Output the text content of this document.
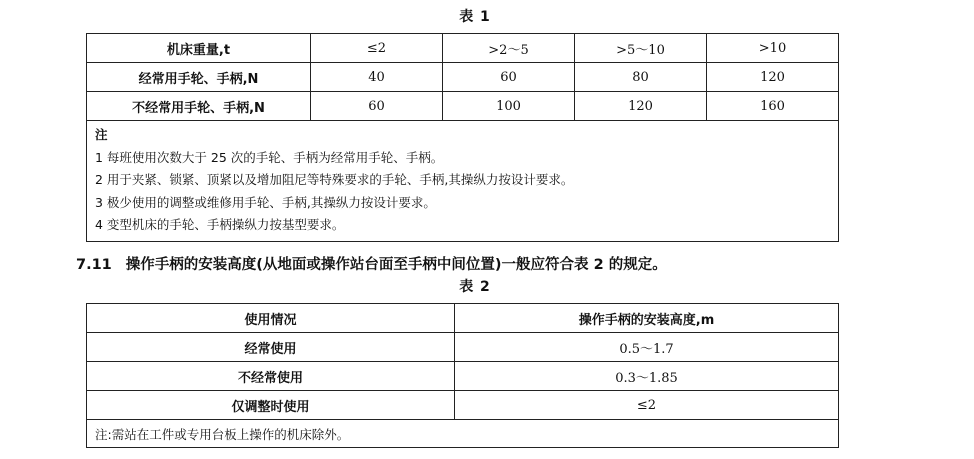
表 1
机床重量,t	≤2	>2～5	>5～10	>10
经常用手轮、手柄,N	40	60	80	120
不经常用手轮、手柄,N	60	100	120	160

注
1 每班使用次数大于 25 次的手轮、手柄为经常用手轮、手柄。
2 用于夹紧、锁紧、顶紧以及增加阻尼等特殊要求的手轮、手柄,其操纵力按设计要求。
3 极少使用的调整或维修用手轮、手柄,其操纵力按设计要求。
4 变型机床的手轮、手柄操纵力按基型要求。				
7.11 操作手柄的安装高度(从地面或操作站台面至手柄中间位置)一般应符合表 2 的规定。
表 2
使用情况	操作手柄的安装高度,m
经常使用	0.5～1.7
不经常使用	0.3～1.85
仅调整时使用	≤2
注:需站在工件或专用台板上操作的机床除外。	
